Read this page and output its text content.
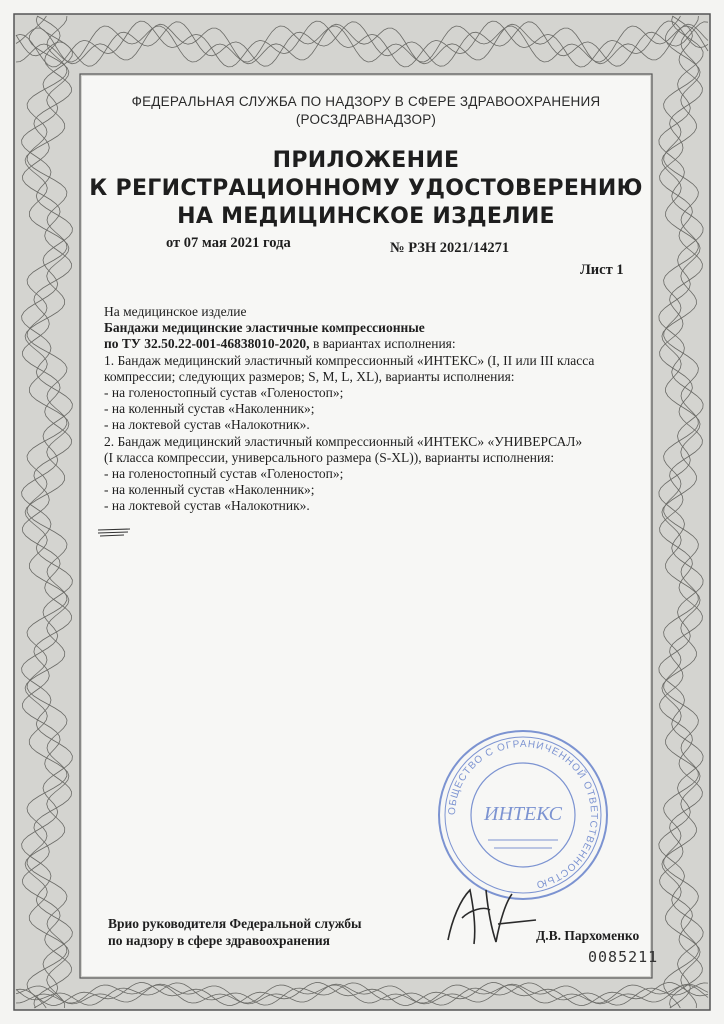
ФЕДЕРАЛЬНАЯ СЛУЖБА ПО НАДЗОРУ В СФЕРЕ ЗДРАВООХРАНЕНИЯ
(РОСЗДРАВНАДЗОР)
ПРИЛОЖЕНИЕ
К РЕГИСТРАЦИОННОМУ УДОСТОВЕРЕНИЮ
НА МЕДИЦИНСКОЕ ИЗДЕЛИЕ
от 07 мая 2021 года	№ РЗН 2021/14271
Лист 1
На медицинское изделие
Бандажи медицинские эластичные компрессионные
по ТУ 32.50.22-001-46838010-2020, в вариантах исполнения:
1. Бандаж медицинский эластичный компрессионный «ИНТЕКС» (I, II или III класса
компрессии; следующих размеров; S, M, L, XL), варианты исполнения:
- на голеностопный сустав «Голеностоп»;
- на коленный сустав «Наколенник»;
- на локтевой сустав «Налокотник».
2. Бандаж медицинский эластичный компрессионный «ИНТЕКС» «УНИВЕРСАЛ»
(I класса компрессии, универсального размера (S-XL)), варианты исполнения:
- на голеностопный сустав «Голеностоп»;
- на коленный сустав «Наколенник»;
- на локтевой сустав «Налокотник».
ОБЩЕСТВО С ОГРАНИЧЕННОЙ ОТВЕТСТВЕННОСТЬЮ
ИНТЕКС
Врио руководителя Федеральной службы
по надзору в сфере здравоохранения	Д.В. Пархоменко
0085211
